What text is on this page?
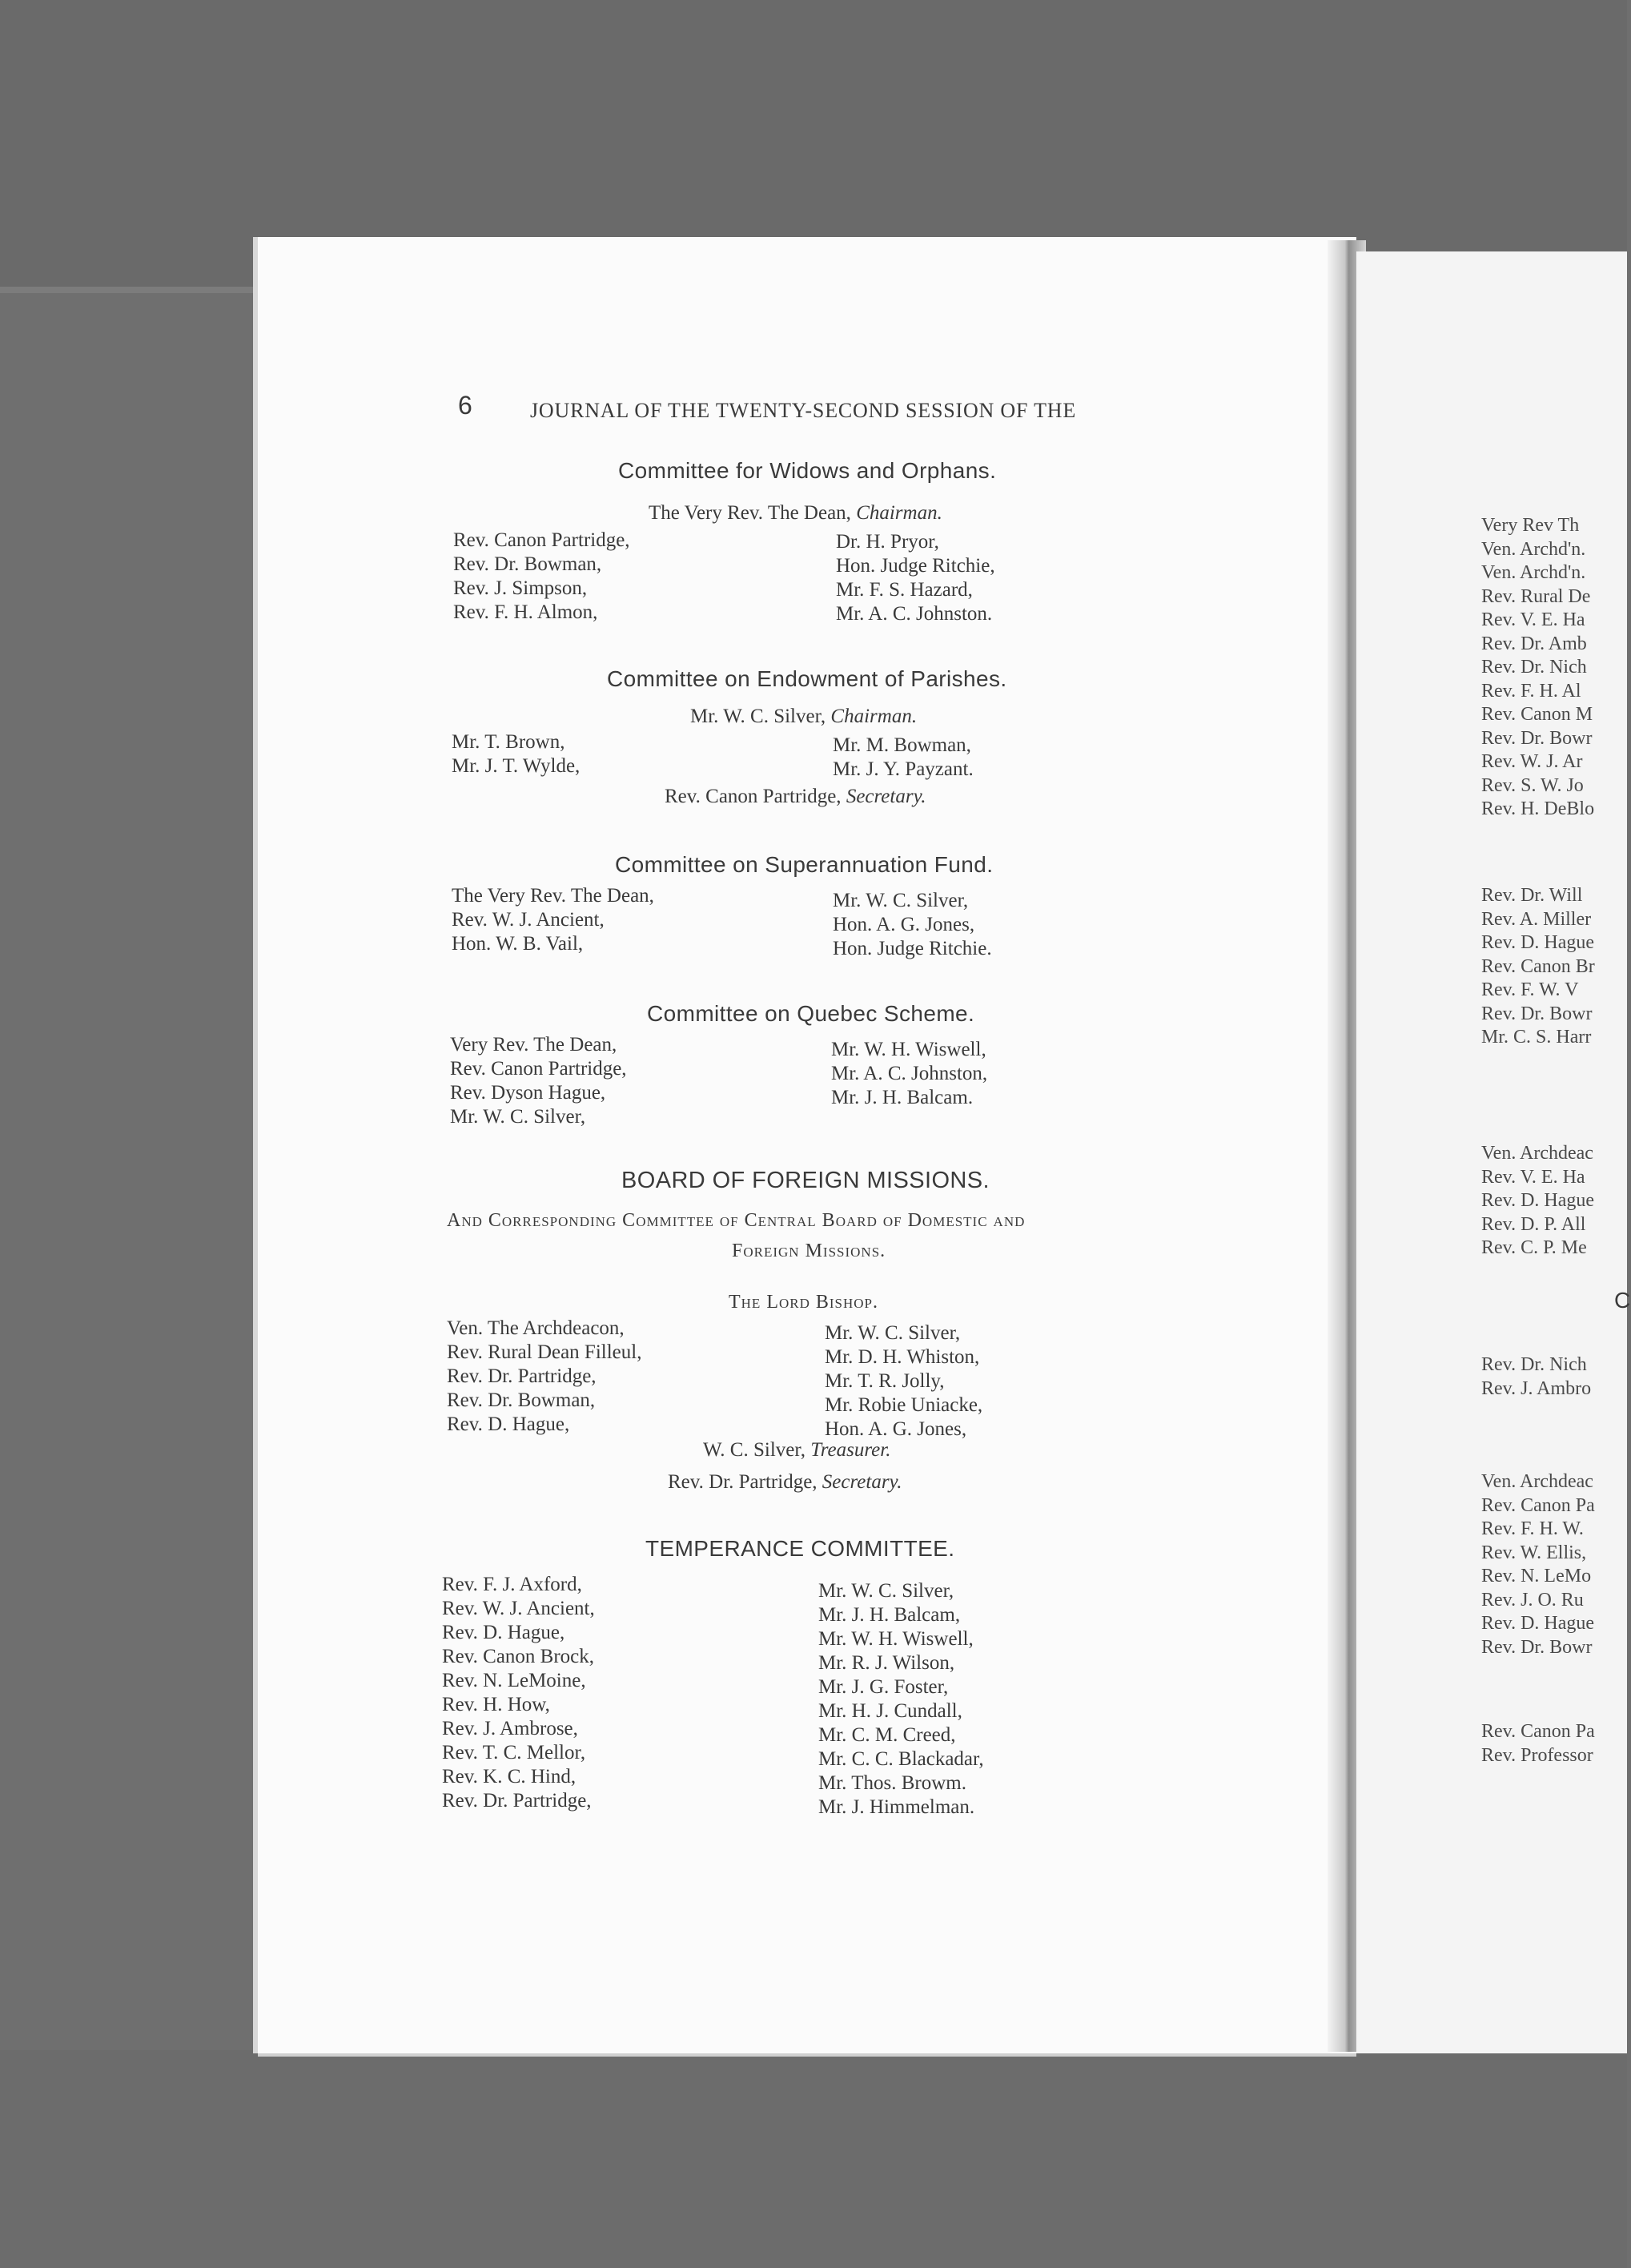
6	JOURNAL OF THE TWENTY-SECOND SESSION OF THE
Committee for Widows and Orphans.
The Very Rev. The Dean, Chairman.
Rev. Canon Partridge,
Rev. Dr. Bowman,
Rev. J. Simpson,
Rev. F. H. Almon,
Dr. H. Pryor,
Hon. Judge Ritchie,
Mr. F. S. Hazard,
Mr. A. C. Johnston.
Committee on Endowment of Parishes.
Mr. W. C. Silver, Chairman.
Mr. T. Brown,
Mr. J. T. Wylde,
Mr. M. Bowman,
Mr. J. Y. Payzant.
Rev. Canon Partridge, Secretary.
Committee on Superannuation Fund.
The Very Rev. The Dean,
Rev. W. J. Ancient,
Hon. W. B. Vail,
Mr. W. C. Silver,
Hon. A. G. Jones,
Hon. Judge Ritchie.
Committee on Quebec Scheme.
Very Rev. The Dean,
Rev. Canon Partridge,
Rev. Dyson Hague,
Mr. W. C. Silver,
Mr. W. H. Wiswell,
Mr. A. C. Johnston,
Mr. J. H. Balcam.
BOARD OF FOREIGN MISSIONS.
And Corresponding Committee of Central Board of Domestic and
Foreign Missions.
The Lord Bishop.
Ven. The Archdeacon,
Rev. Rural Dean Filleul,
Rev. Dr. Partridge,
Rev. Dr. Bowman,
Rev. D. Hague,
Mr. W. C. Silver,
Mr. D. H. Whiston,
Mr. T. R. Jolly,
Mr. Robie Uniacke,
Hon. A. G. Jones,
W. C. Silver, Treasurer.
Rev. Dr. Partridge, Secretary.
TEMPERANCE COMMITTEE.
Rev. F. J. Axford,
Rev. W. J. Ancient,
Rev. D. Hague,
Rev. Canon Brock,
Rev. N. LeMoine,
Rev. H. How,
Rev. J. Ambrose,
Rev. T. C. Mellor,
Rev. K. C. Hind,
Rev. Dr. Partridge,
Mr. W. C. Silver,
Mr. J. H. Balcam,
Mr. W. H. Wiswell,
Mr. R. J. Wilson,
Mr. J. G. Foster,
Mr. H. J. Cundall,
Mr. C. M. Creed,
Mr. C. C. Blackadar,
Mr. Thos. Browm.
Mr. J. Himmelman.
Very Rev Th
Ven. Archd'n.
Ven. Archd'n.
Rev. Rural De
Rev. V. E. Ha
Rev. Dr. Amb
Rev. Dr. Nich
Rev. F. H. Al
Rev. Canon M
Rev. Dr. Bowr
Rev. W. J. Ar
Rev. S. W. Jo
Rev. H. DeBlo
Rev. Dr. Will
Rev. A. Miller
Rev. D. Hague
Rev. Canon Br
Rev. F. W. V
Rev. Dr. Bowr
Mr. C. S. Harr
Ven. Archdeac
Rev. V. E. Ha
Rev. D. Hague
Rev. D. P. All
Rev. C. P. Me
C
Rev. Dr. Nich
Rev. J. Ambro
Ven. Archdeac
Rev. Canon Pa
Rev. F. H. W.
Rev. W. Ellis,
Rev. N. LeMo
Rev. J. O. Ru
Rev. D. Hague
Rev. Dr. Bowr
Rev. Canon Pa
Rev. Professor
